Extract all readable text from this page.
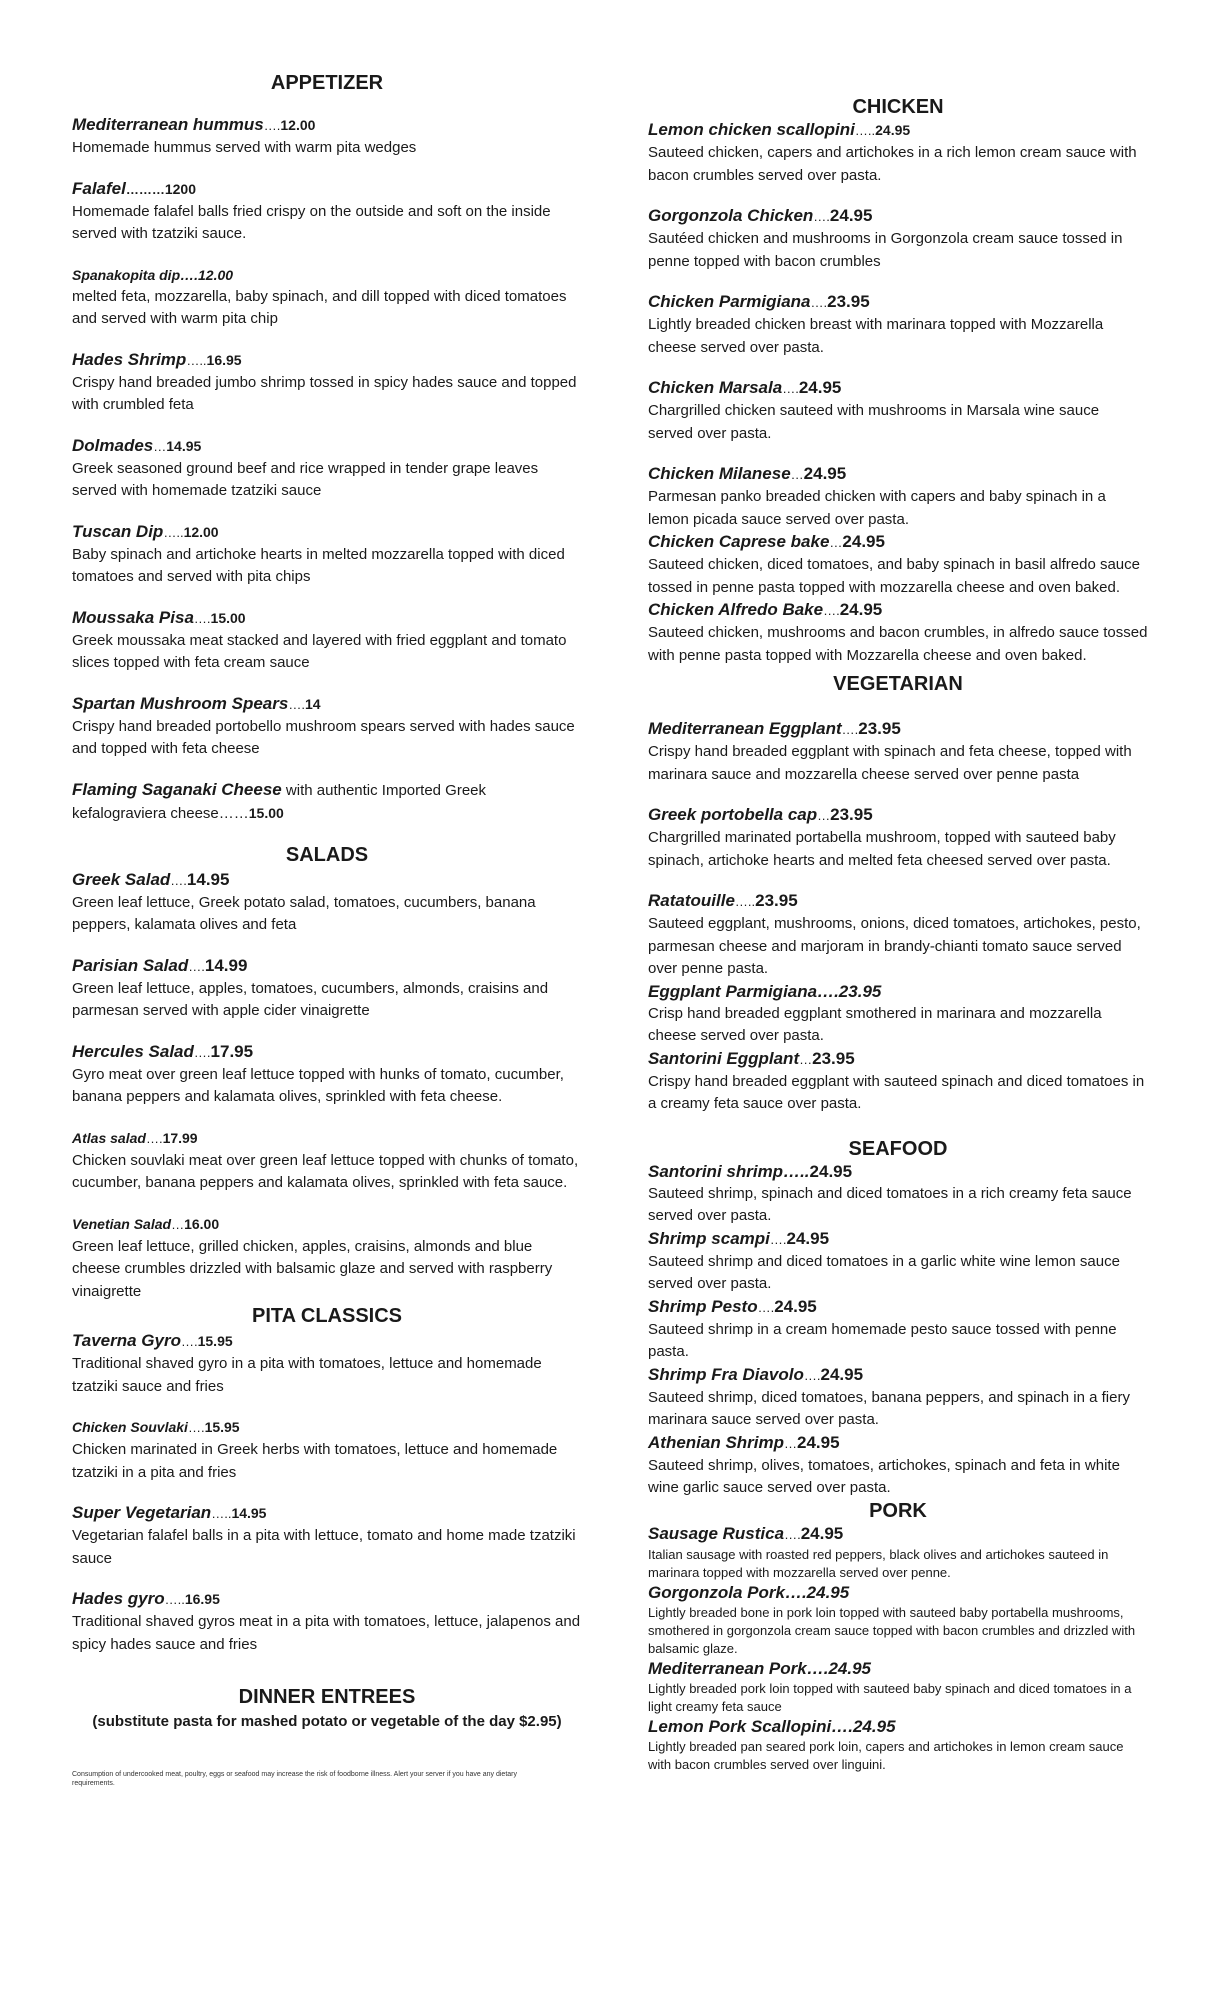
APPETIZER
Mediterranean hummus….12.00
Homemade hummus served with warm pita wedges
Falafel………1200
Homemade falafel balls fried crispy on the outside and soft on the inside served with tzatziki sauce.
Spanakopita dip….12.00
melted feta, mozzarella, baby spinach, and dill topped with diced tomatoes and served with warm pita chip
Hades Shrimp…..16.95
Crispy hand breaded jumbo shrimp tossed in spicy hades sauce and topped with crumbled feta
Dolmades…14.95
Greek seasoned ground beef and rice wrapped in tender grape leaves served with homemade tzatziki sauce
Tuscan Dip…..12.00
Baby spinach and artichoke hearts in melted mozzarella topped with diced tomatoes and served with pita chips
Moussaka Pisa….15.00
Greek moussaka meat stacked and layered with fried eggplant and tomato slices topped with feta cream sauce
Spartan Mushroom Spears….14
Crispy hand breaded portobello mushroom spears served with hades sauce and topped with feta cheese
Flaming Saganaki Cheese with authentic Imported Greek kefalograviera cheese……15.00
SALADS
Greek Salad….14.95
Green leaf lettuce, Greek potato salad, tomatoes, cucumbers, banana peppers, kalamata olives and feta
Parisian Salad….14.99
Green leaf lettuce, apples, tomatoes, cucumbers, almonds, craisins and parmesan served with apple cider vinaigrette
Hercules Salad….17.95
Gyro meat over green leaf lettuce topped with hunks of tomato, cucumber, banana peppers and kalamata olives, sprinkled with feta cheese.
Atlas salad….17.99
Chicken souvlaki meat over green leaf lettuce topped with chunks of tomato, cucumber, banana peppers and kalamata olives, sprinkled with feta sauce.
Venetian Salad…16.00
Green leaf lettuce, grilled chicken, apples, craisins, almonds and blue cheese crumbles drizzled with balsamic glaze and served with raspberry vinaigrette
PITA CLASSICS
Taverna Gyro….15.95
Traditional shaved gyro in a pita with tomatoes, lettuce and homemade tzatziki sauce and fries
Chicken Souvlaki….15.95
Chicken marinated in Greek herbs with tomatoes, lettuce and homemade tzatziki in a pita and fries
Super Vegetarian…..14.95
Vegetarian falafel balls in a pita with lettuce, tomato and home made tzatziki sauce
Hades gyro…..16.95
Traditional shaved gyros meat in a pita with tomatoes, lettuce, jalapenos and spicy hades sauce and fries
DINNER ENTREES
(substitute pasta for mashed potato or vegetable of the day $2.95)
Consumption of undercooked meat, poultry, eggs or seafood may increase the risk of foodborne illness. Alert your server if you have any dietary requirements.
CHICKEN
Lemon chicken scallopini…..24.95
Sauteed chicken, capers and artichokes in a rich lemon cream sauce with bacon crumbles served over pasta.
Gorgonzola Chicken….24.95
Sautéed chicken and mushrooms in Gorgonzola cream sauce tossed in penne topped with bacon crumbles
Chicken Parmigiana….23.95
Lightly breaded chicken breast with marinara topped with Mozzarella cheese served over pasta.
Chicken Marsala….24.95
Chargrilled chicken sauteed with mushrooms in Marsala wine sauce served over pasta.
Chicken Milanese…24.95
Parmesan panko breaded chicken with capers and baby spinach in a lemon picada sauce served over pasta.
Chicken Caprese bake…24.95
Sauteed chicken, diced tomatoes, and baby spinach in basil alfredo sauce tossed in penne pasta topped with mozzarella cheese and oven baked.
Chicken Alfredo Bake….24.95
Sauteed chicken, mushrooms and bacon crumbles, in alfredo sauce tossed with penne pasta topped with Mozzarella cheese and oven baked.
VEGETARIAN
Mediterranean Eggplant….23.95
Crispy hand breaded eggplant with spinach and feta cheese, topped with marinara sauce and mozzarella cheese served over penne pasta
Greek portobella cap…23.95
Chargrilled marinated portabella mushroom, topped with sauteed baby spinach, artichoke hearts and melted feta cheesed served over pasta.
Ratatouille…..23.95
Sauteed eggplant, mushrooms, onions, diced tomatoes, artichokes, pesto, parmesan cheese and marjoram in brandy-chianti tomato sauce served over penne pasta.
Eggplant Parmigiana….23.95
Crisp hand breaded eggplant smothered in marinara and mozzarella cheese served over pasta.
Santorini Eggplant…23.95
Crispy hand breaded eggplant with sauteed spinach and diced tomatoes in a creamy feta sauce over pasta.
SEAFOOD
Santorini shrimp…..24.95
Sauteed shrimp, spinach and diced tomatoes in a rich creamy feta sauce served over pasta.
Shrimp scampi….24.95
Sauteed shrimp and diced tomatoes in a garlic white wine lemon sauce served over pasta.
Shrimp Pesto….24.95
Sauteed shrimp in a cream homemade pesto sauce tossed with penne pasta.
Shrimp Fra Diavolo….24.95
Sauteed shrimp, diced tomatoes, banana peppers, and spinach in a fiery marinara sauce served over pasta.
Athenian Shrimp…24.95
Sauteed shrimp, olives, tomatoes, artichokes, spinach and feta in white wine garlic sauce served over pasta.
PORK
Sausage Rustica….24.95
Italian sausage with roasted red peppers, black olives and artichokes sauteed in marinara topped with mozzarella served over penne.
Gorgonzola Pork….24.95
Lightly breaded bone in pork loin topped with sauteed baby portabella mushrooms, smothered in gorgonzola cream sauce topped with bacon crumbles and drizzled with balsamic glaze.
Mediterranean Pork….24.95
Lightly breaded pork loin topped with sauteed baby spinach and diced tomatoes in a light creamy feta sauce
Lemon Pork Scallopini….24.95
Lightly breaded pan seared pork loin, capers and artichokes in lemon cream sauce with bacon crumbles served over linguini.
